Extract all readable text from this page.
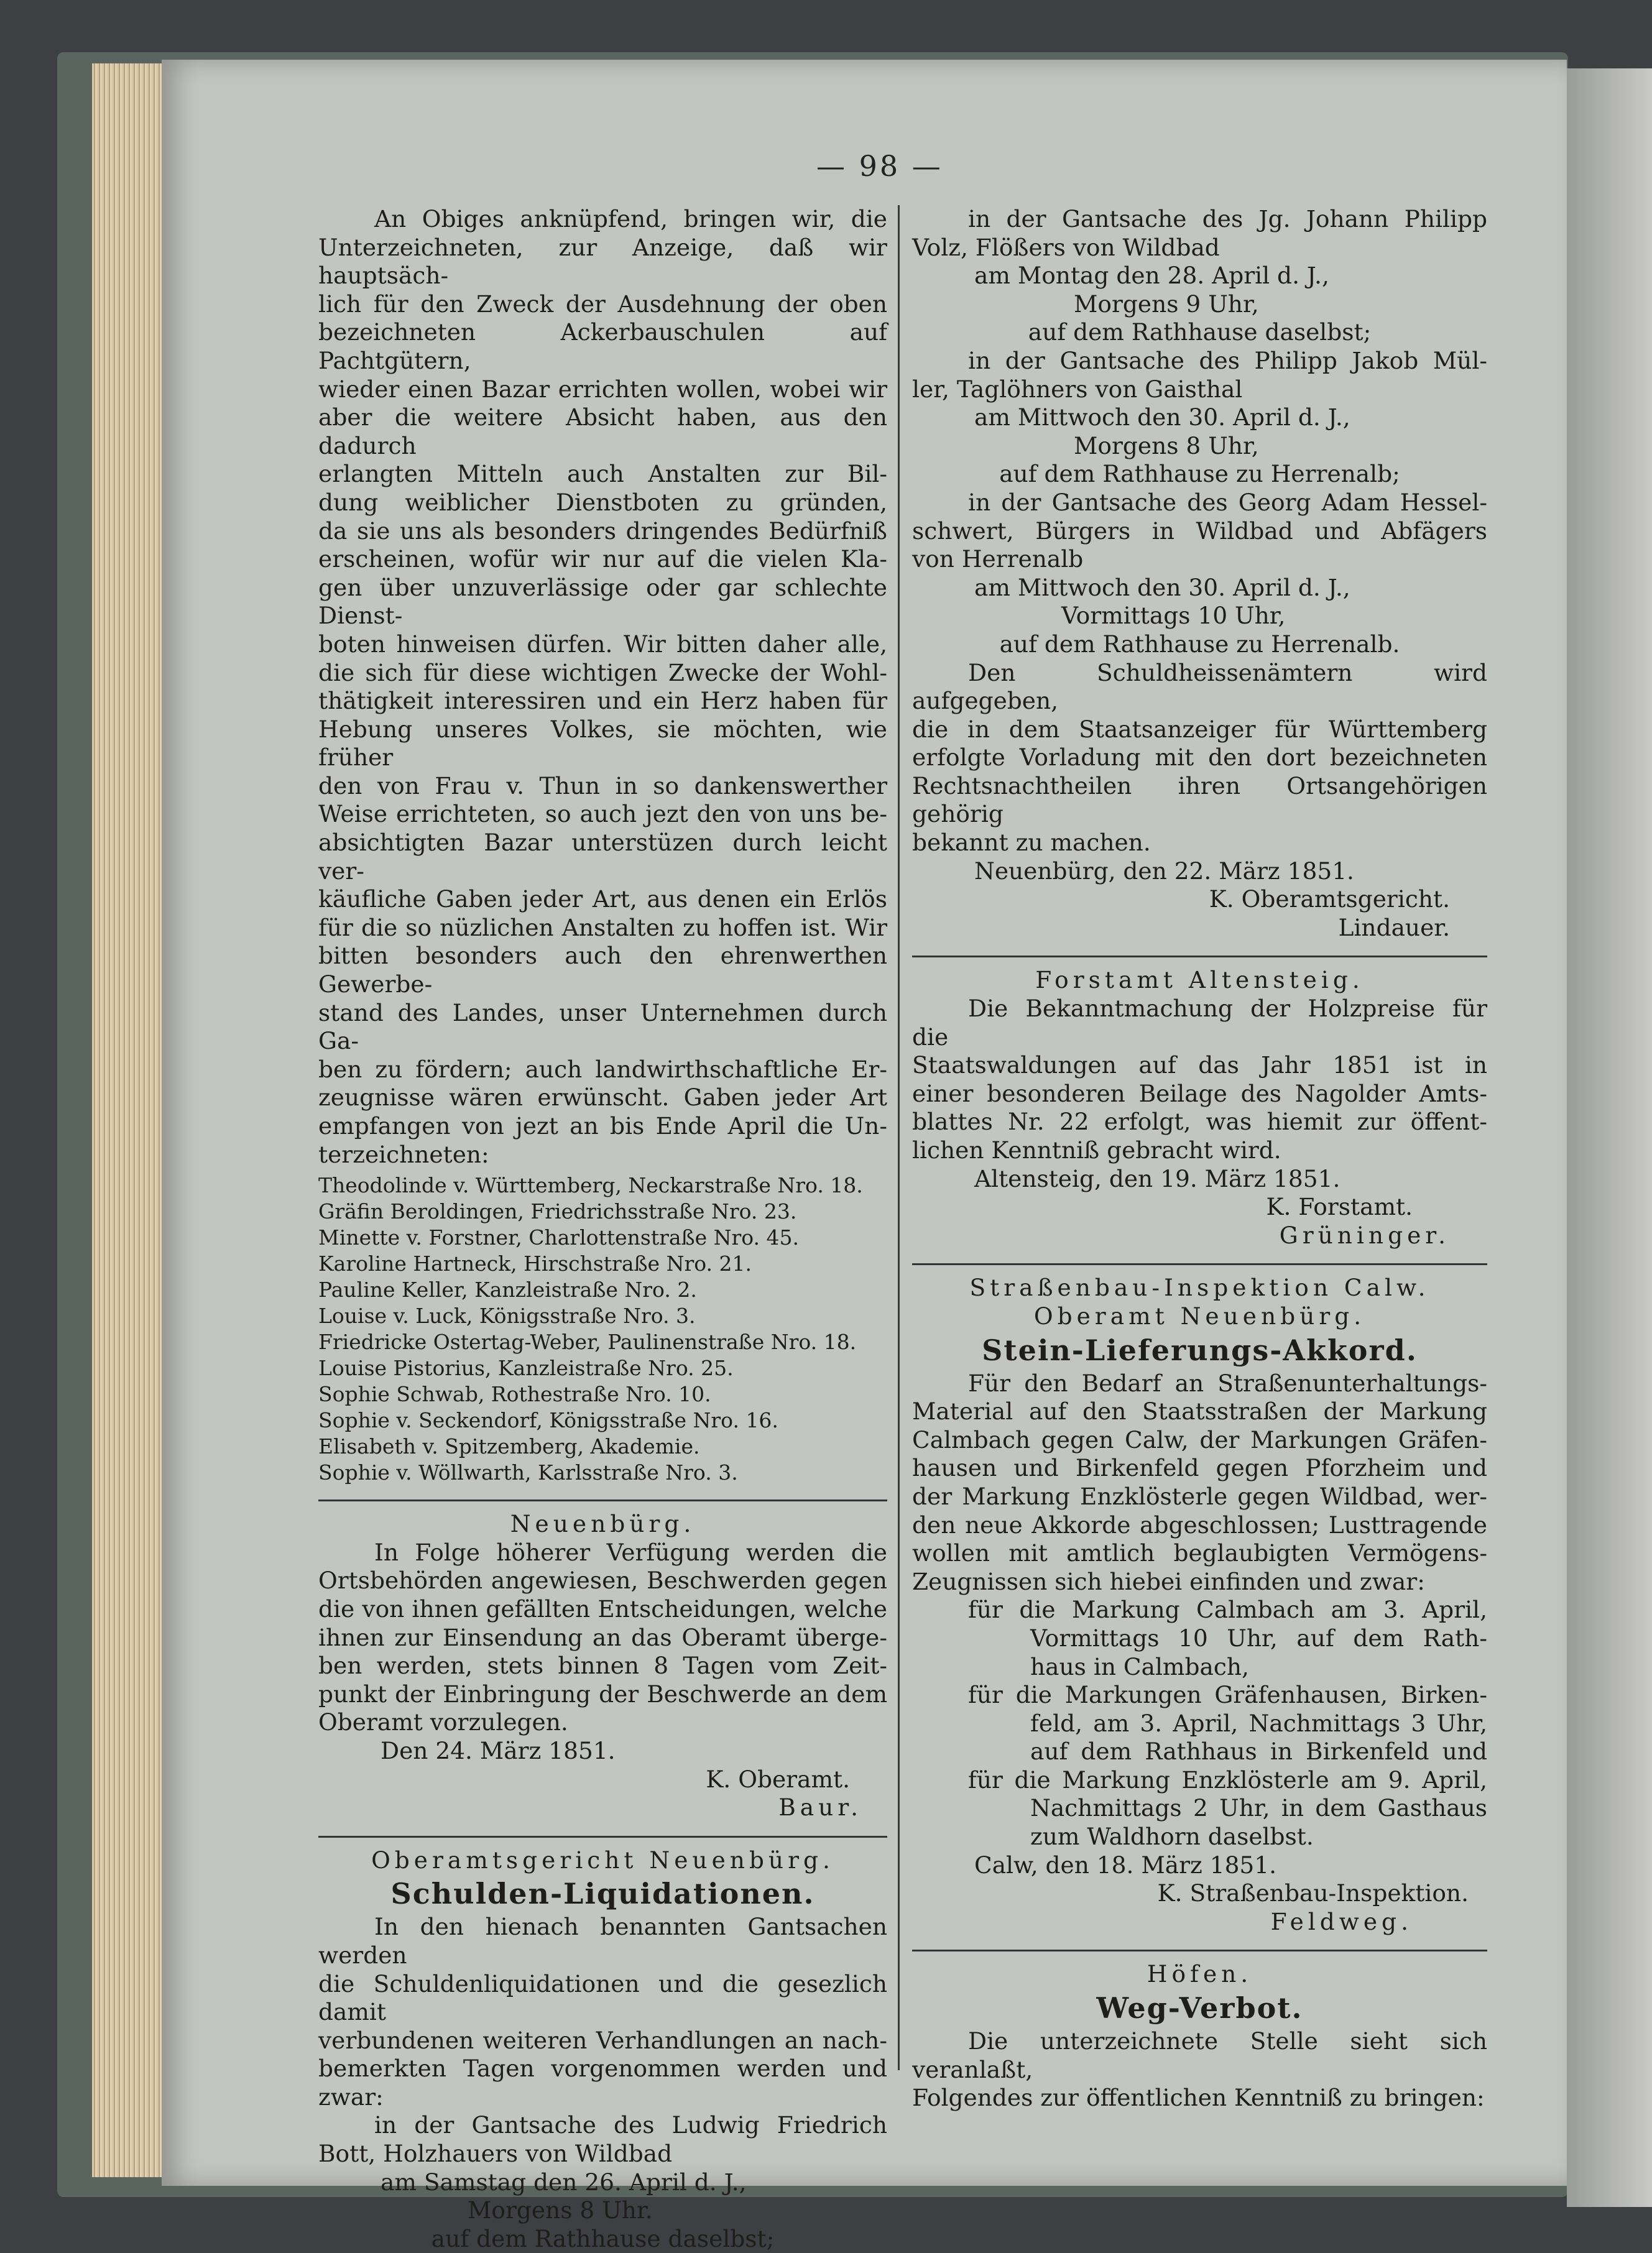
— 98 —
An Obiges anknüpfend, bringen wir, die
Unterzeichneten, zur Anzeige, daß wir hauptsäch-
lich für den Zweck der Ausdehnung der oben
bezeichneten Ackerbauschulen auf Pachtgütern,
wieder einen Bazar errichten wollen, wobei wir
aber die weitere Absicht haben, aus den dadurch
erlangten Mitteln auch Anstalten zur Bil-
dung weiblicher Dienstboten zu gründen,
da sie uns als besonders dringendes Bedürfniß
erscheinen, wofür wir nur auf die vielen Kla-
gen über unzuverlässige oder gar schlechte Dienst-
boten hinweisen dürfen. Wir bitten daher alle,
die sich für diese wichtigen Zwecke der Wohl-
thätigkeit interessiren und ein Herz haben für
Hebung unseres Volkes, sie möchten, wie früher
den von Frau v. Thun in so dankenswerther
Weise errichteten, so auch jezt den von uns be-
absichtigten Bazar unterstüzen durch leicht ver-
käufliche Gaben jeder Art, aus denen ein Erlös
für die so nüzlichen Anstalten zu hoffen ist. Wir
bitten besonders auch den ehrenwerthen Gewerbe-
stand des Landes, unser Unternehmen durch Ga-
ben zu fördern; auch landwirthschaftliche Er-
zeugnisse wären erwünscht. Gaben jeder Art
empfangen von jezt an bis Ende April die Un-
terzeichneten:

Theodolinde v. Württemberg, Neckarstraße Nro. 18.

Gräfin Beroldingen, Friedrichsstraße Nro. 23.

Minette v. Forstner, Charlottenstraße Nro. 45.

Karoline Hartneck, Hirschstraße Nro. 21.

Pauline Keller, Kanzleistraße Nro. 2.

Louise v. Luck, Königsstraße Nro. 3.

Friedricke Ostertag-Weber, Paulinenstraße Nro. 18.

Louise Pistorius, Kanzleistraße Nro. 25.

Sophie Schwab, Rothestraße Nro. 10.

Sophie v. Seckendorf, Königsstraße Nro. 16.

Elisabeth v. Spitzemberg, Akademie.

Sophie v. Wöllwarth, Karlsstraße Nro. 3.

Neuenbürg.
In Folge höherer Verfügung werden die
Ortsbehörden angewiesen, Beschwerden gegen
die von ihnen gefällten Entscheidungen, welche
ihnen zur Einsendung an das Oberamt überge-
ben werden, stets binnen 8 Tagen vom Zeit-
punkt der Einbringung der Beschwerde an dem
Oberamt vorzulegen.
Den 24. März 1851.
K. Oberamt.
Baur.
Oberamtsgericht Neuenbürg.
Schulden-Liquidationen.
In den hienach benannten Gantsachen werden
die Schuldenliquidationen und die gesezlich damit
verbundenen weiteren Verhandlungen an nach-
bemerkten Tagen vorgenommen werden und
zwar:
in der Gantsache des Ludwig Friedrich
Bott, Holzhauers von Wildbad
am Samstag den 26. April d. J.,
Morgens 8 Uhr.
auf dem Rathhause daselbst;
in der Gantsache des Jg. Johann Philipp
Volz, Flößers von Wildbad
am Montag den 28. April d. J.,
Morgens 9 Uhr,
auf dem Rathhause daselbst;
in der Gantsache des Philipp Jakob Mül-
ler, Taglöhners von Gaisthal
am Mittwoch den 30. April d. J.,
Morgens 8 Uhr,
auf dem Rathhause zu Herrenalb;
in der Gantsache des Georg Adam Hessel-
schwert, Bürgers in Wildbad und Abfägers
von Herrenalb
am Mittwoch den 30. April d. J.,
Vormittags 10 Uhr,
auf dem Rathhause zu Herrenalb.
Den Schuldheissenämtern wird aufgegeben,
die in dem Staatsanzeiger für Württemberg
erfolgte Vorladung mit den dort bezeichneten
Rechtsnachtheilen ihren Ortsangehörigen gehörig
bekannt zu machen.
Neuenbürg, den 22. März 1851.
K. Oberamtsgericht.
Lindauer.
Forstamt Altensteig.
Die Bekanntmachung der Holzpreise für die
Staatswaldungen auf das Jahr 1851 ist in
einer besonderen Beilage des Nagolder Amts-
blattes Nr. 22 erfolgt, was hiemit zur öffent-
lichen Kenntniß gebracht wird.
Altensteig, den 19. März 1851.
K. Forstamt.
Grüninger.
Straßenbau-Inspektion Calw.
Oberamt Neuenbürg.
Stein-Lieferungs-Akkord.
Für den Bedarf an Straßenunterhaltungs-
Material auf den Staatsstraßen der Markung
Calmbach gegen Calw, der Markungen Gräfen-
hausen und Birkenfeld gegen Pforzheim und
der Markung Enzklösterle gegen Wildbad, wer-
den neue Akkorde abgeschlossen; Lusttragende
wollen mit amtlich beglaubigten Vermögens-
Zeugnissen sich hiebei einfinden und zwar:
für die Markung Calmbach am 3. April,
Vormittags 10 Uhr, auf dem Rath-
haus in Calmbach,
für die Markungen Gräfenhausen, Birken-
feld, am 3. April, Nachmittags 3 Uhr,
auf dem Rathhaus in Birkenfeld und
für die Markung Enzklösterle am 9. April,
Nachmittags 2 Uhr, in dem Gasthaus
zum Waldhorn daselbst.
Calw, den 18. März 1851.
K. Straßenbau-Inspektion.
Feldweg.
Höfen.
Weg-Verbot.
Die unterzeichnete Stelle sieht sich veranlaßt,
Folgendes zur öffentlichen Kenntniß zu bringen:
